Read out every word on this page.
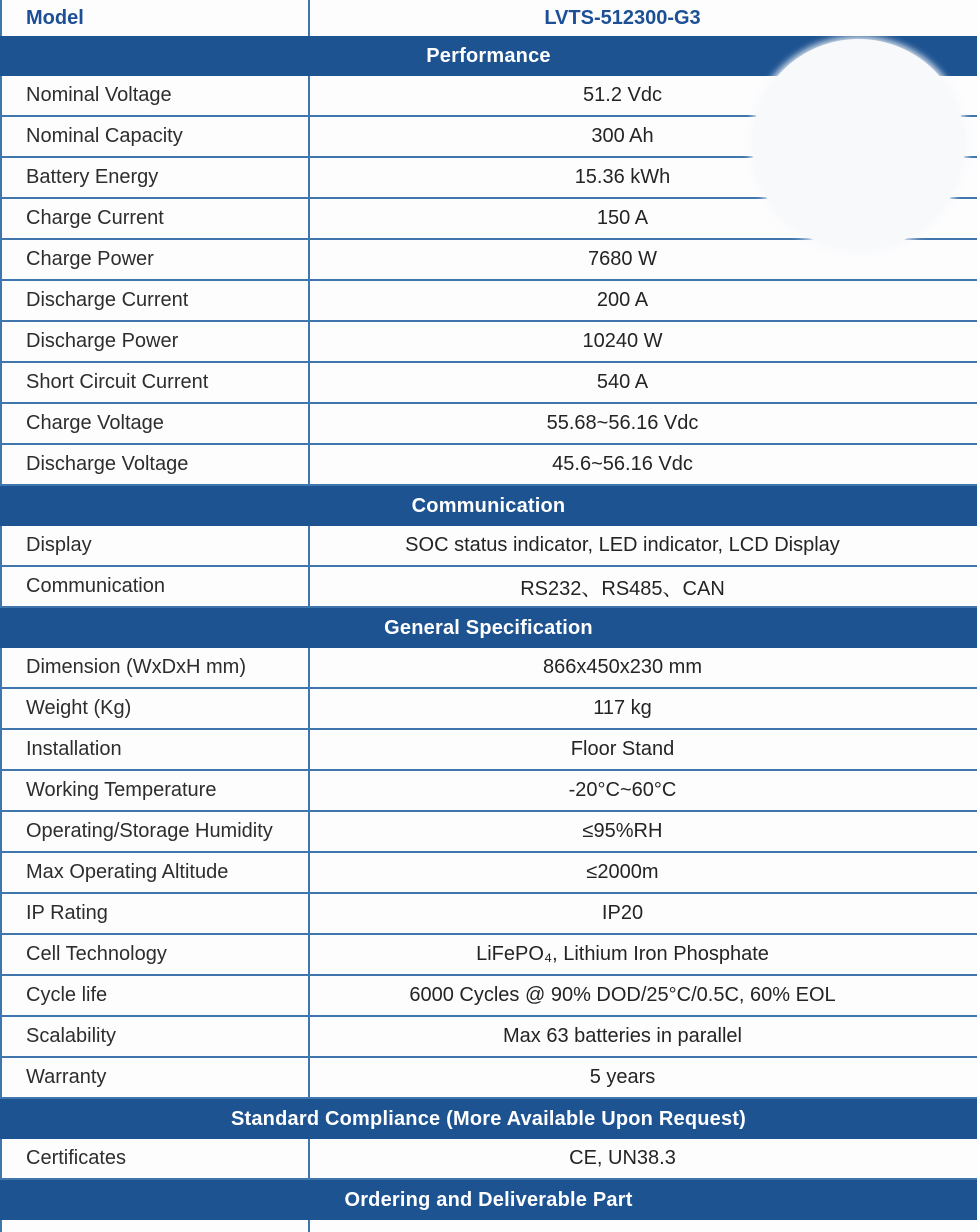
Model	LVTS-512300-G3
Performance
Nominal Voltage	51.2 Vdc
Nominal Capacity	300 Ah
Battery Energy	15.36 kWh
Charge Current	150 A
Charge Power	7680 W
Discharge Current	200 A
Discharge Power	10240 W
Short Circuit Current	540 A
Charge Voltage	55.68~56.16 Vdc
Discharge Voltage	45.6~56.16 Vdc
Communication
Display	SOC status indicator, LED indicator, LCD Display
Communication	RS232、RS485、CAN
General Specification
Dimension (WxDxH mm)	866x450x230 mm
Weight (Kg)	117 kg
Installation	Floor Stand
Working Temperature	-20°C~60°C
Operating/Storage Humidity	≤95%RH
Max Operating Altitude	≤2000m
IP Rating	IP20
Cell Technology	LiFePO₄, Lithium Iron Phosphate
Cycle life	6000 Cycles @ 90% DOD/25°C/0.5C, 60% EOL
Scalability	Max 63 batteries in parallel
Warranty	5 years
Standard Compliance (More Available Upon Request)
Certificates	CE, UN38.3
Ordering and Deliverable Part
